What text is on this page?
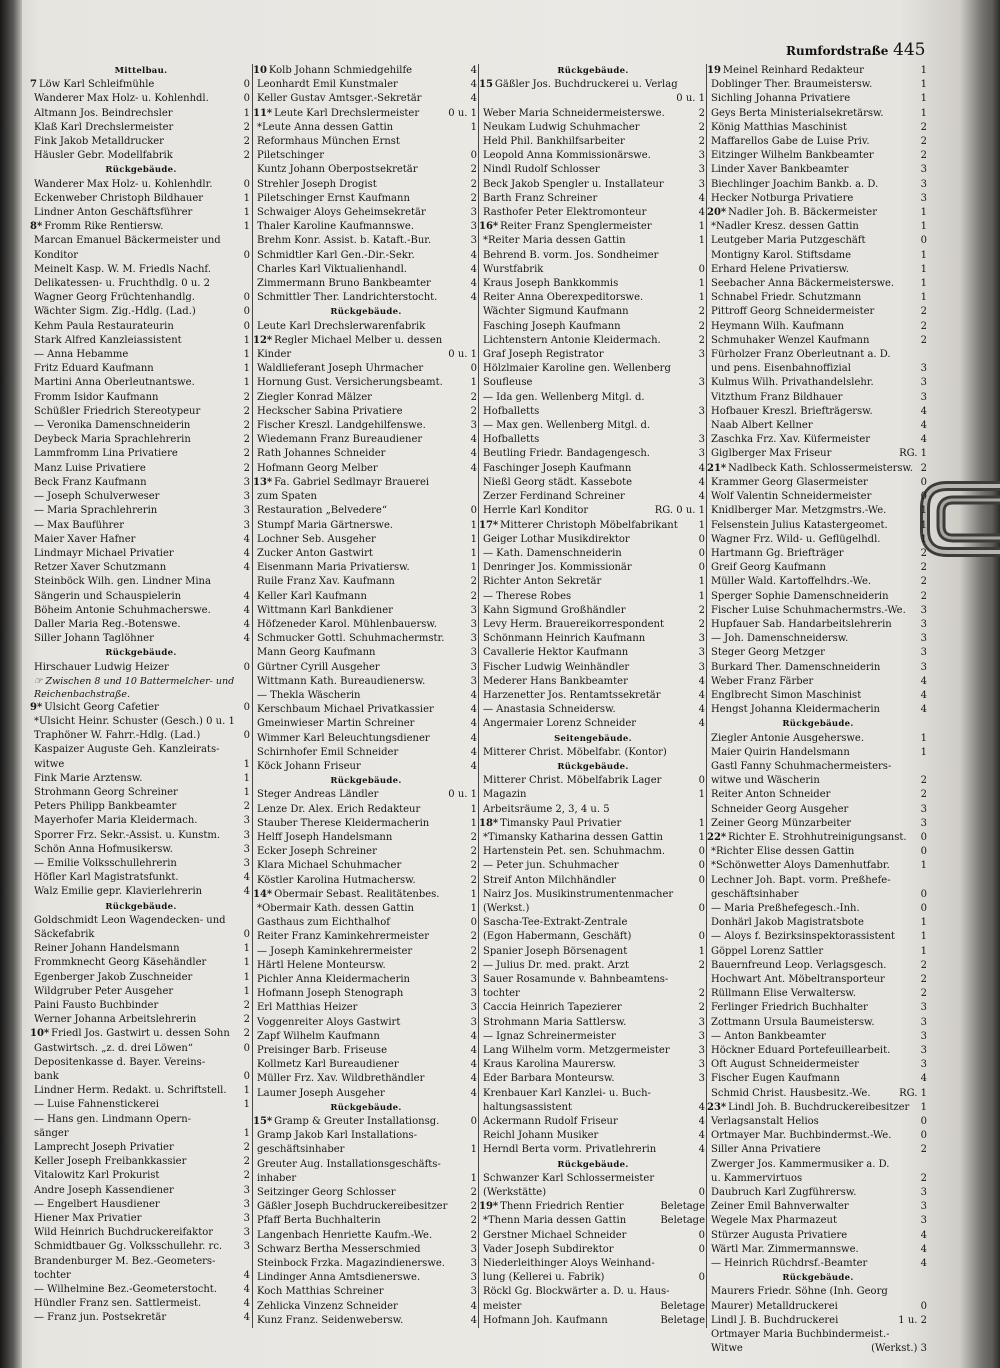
Rumfordstraße 445
Mittelbau.
7 Löw Karl Schleifmühle	0
Wanderer Max Holz- u. Kohlenhdl.	0
Altmann Jos. Beindrechsler	1
Klaß Karl Drechslermeister	2
Fink Jakob Metalldrucker	2
Häusler Gebr. Modellfabrik	2
Rückgebäude.
Wanderer Max Holz- u. Kohlenhdlr.	0
Eckenweber Christoph Bildhauer	1
Lindner Anton Geschäftsführer	1
8* Fromm Rike Rentiersw.	1
Marcan Emanuel Bäckermeister und
Konditor	0
Meinelt Kasp. W. M. Friedls Nachf.
Delikatessen- u. Fruchthdlg. 0 u. 2
Wagner Georg Früchtenhandlg.	0
Wächter Sigm. Zig.-Hdlg. (Lad.)	0
Kehm Paula Restaurateurin	0
Stark Alfred Kanzleiassistent	1
— Anna Hebamme	1
Fritz Eduard Kaufmann	1
Martini Anna Oberleutnantswe.	1
Fromm Isidor Kaufmann	2
Schüßler Friedrich Stereotypeur	2
— Veronika Damenschneiderin	2
Deybeck Maria Sprachlehrerin	2
Lammfromm Lina Privatiere	2
Manz Luise Privatiere	2
Beck Franz Kaufmann	3
— Joseph Schulverweser	3
— Maria Sprachlehrerin	3
— Max Bauführer	3
Maier Xaver Hafner	4
Lindmayr Michael Privatier	4
Retzer Xaver Schutzmann	4
Steinböck Wilh. gen. Lindner Mina
Sängerin und Schauspielerin	4
Böheim Antonie Schuhmacherswe.	4
Daller Maria Reg.-Botenswe.	4
Siller Johann Taglöhner	4
Rückgebäude.
Hirschauer Ludwig Heizer	0
☞ Zwischen 8 und 10 Battermelcher- und Reichenbachstraße.
9* Ulsicht Georg Cafetier	0
*Ulsicht Heinr. Schuster (Gesch.) 0 u. 1
Traphöner W. Fahrr.-Hdlg. (Lad.)	0
Kaspaizer Auguste Geh. Kanzleirats-
witwe	1
Fink Marie Arztensw.	1
Strohmann Georg Schreiner	1
Peters Philipp Bankbeamter	2
Mayerhofer Maria Kleidermach.	3
Sporrer Frz. Sekr.-Assist. u. Kunstm.	3
Schön Anna Hofmusikersw.	3
— Emilie Volksschullehrerin	3
Höfler Karl Magistratsfunkt.	4
Walz Emilie gepr. Klavierlehrerin	4
Rückgebäude.
Goldschmidt Leon Wagendecken- und
Säckefabrik	0
Reiner Johann Handelsmann	1
Frommknecht Georg Käsehändler	1
Egenberger Jakob Zuschneider	1
Wildgruber Peter Ausgeher	1
Paini Fausto Buchbinder	2
Werner Johanna Arbeitslehrerin	2
10* Friedl Jos. Gastwirt u. dessen Sohn	2
Gastwirtsch. „z. d. drei Löwen“	0
Depositenkasse d. Bayer. Vereins-
bank	0
Lindner Herm. Redakt. u. Schriftstell.	1
— Luise Fahnenstickerei	1
— Hans gen. Lindmann Opern-
sänger	1
Lamprecht Joseph Privatier	2
Keller Joseph Freibankkassier	2
Vitalowitz Karl Prokurist	2
Andre Joseph Kassendiener	3
— Engelbert Hausdiener	3
Hiener Max Privatier	3
Wild Heinrich Buchdruckereifaktor	3
Schmidtbauer Gg. Volksschullehr. rc.	3
Brandenburger M. Bez.-Geometers-
tochter	4
— Wilhelmine Bez.-Geometerstocht.	4
Hündler Franz sen. Sattlermeist.	4
— Franz jun. Postsekretär	4
10 Kolb Johann Schmiedgehilfe	4
Leonhardt Emil Kunstmaler	4
Keller Gustav Amtsger.-Sekretär	4
11* Leute Karl Drechslermeister	0 u. 1
*Leute Anna dessen Gattin	1
Reformhaus München Ernst
Piletschinger	0
Kuntz Johann Oberpostsekretär	2
Strehler Joseph Drogist	2
Piletschinger Ernst Kaufmann	2
Schwaiger Aloys Geheimsekretär	3
Thaler Karoline Kaufmannswe.	3
Brehm Konr. Assist. b. Kataft.-Bur.	3
Schmidtler Karl Gen.-Dir.-Sekr.	4
Charles Karl Viktualienhandl.	4
Zimmermann Bruno Bankbeamter	4
Schmittler Ther. Landrichterstocht.	4
Rückgebäude.
Leute Karl Drechslerwarenfabrik
12* Regler Michael Melber u. dessen
Kinder	0 u. 1
Waldlieferant Joseph Uhrmacher	0
Hornung Gust. Versicherungsbeamt.	1
Ziegler Konrad Mälzer	2
Heckscher Sabina Privatiere	2
Fischer Kreszl. Landgehilfenswe.	3
Wiedemann Franz Bureaudiener	4
Rath Johannes Schneider	4
Hofmann Georg Melber	4
13* Fa. Gabriel Sedlmayr Brauerei
zum Spaten
Restauration „Belvedere“	0
Stumpf Maria Gärtnerswe.	1
Lochner Seb. Ausgeher	1
Zucker Anton Gastwirt	1
Eisenmann Maria Privatiersw.	1
Ruile Franz Xav. Kaufmann	2
Keller Karl Kaufmann	2
Wittmann Karl Bankdiener	3
Höfzeneder Karol. Mühlenbauersw.	3
Schmucker Gottl. Schuhmachermstr.	3
Mann Georg Kaufmann	3
Gürtner Cyrill Ausgeher	3
Wittmann Kath. Bureaudienersw.	3
— Thekla Wäscherin	4
Kerschbaum Michael Privatkassier	4
Gmeinwieser Martin Schreiner	4
Wimmer Karl Beleuchtungsdiener	4
Schirnhofer Emil Schneider	4
Köck Johann Friseur	4
Rückgebäude.
Steger Andreas Ländler	0 u. 1
Lenze Dr. Alex. Erich Redakteur	1
Stauber Therese Kleidermacherin	1
Helff Joseph Handelsmann	2
Ecker Joseph Schreiner	2
Klara Michael Schuhmacher	2
Köstler Karolina Hutmachersw.	2
14* Obermair Sebast. Realitätenbes.	1
*Obermair Kath. dessen Gattin	1
Gasthaus zum Eichthalhof	0
Reiter Franz Kaminkehrermeister	2
— Joseph Kaminkehrermeister	2
Härtl Helene Monteursw.	2
Pichler Anna Kleidermacherin	3
Hofmann Joseph Stenograph	3
Erl Matthias Heizer	3
Voggenreiter Aloys Gastwirt	3
Zapf Wilhelm Kaufmann	4
Preisinger Barb. Friseuse	4
Kollmetz Karl Bureaudiener	4
Müller Frz. Xav. Wildbrethändler	4
Laumer Joseph Ausgeher	4
Rückgebäude.
15* Gramp & Greuter Installationsg.	0
Gramp Jakob Karl Installations-
geschäftsinhaber	1
Greuter Aug. Installationsgeschäfts-
inhaber	1
Seitzinger Georg Schlosser	2
Gäßler Joseph Buchdruckereibesitzer	2
Pfaff Berta Buchhalterin	2
Langenbach Henriette Kaufm.-We.	2
Schwarz Bertha Messerschmied	3
Steinbock Frzka. Magazindienerswe.	3
Lindinger Anna Amtsdienerswe.	3
Koch Matthias Schreiner	3
Zehlicka Vinzenz Schneider	4
Kunz Franz. Seidenwebersw.	4
Rückgebäude.
15 Gäßler Jos. Buchdruckerei u. Verlag
0 u. 1
Weber Maria Schneidermeisterswe.	2
Neukam Ludwig Schuhmacher	2
Held Phil. Bankhilfsarbeiter	2
Leopold Anna Kommissionärswe.	3
Nindl Rudolf Schlosser	3
Beck Jakob Spengler u. Installateur	3
Barth Franz Schreiner	4
Rasthofer Peter Elektromonteur	4
16* Reiter Franz Spenglermeister	1
*Reiter Maria dessen Gattin	1
Behrend B. vorm. Jos. Sondheimer
Wurstfabrik	0
Kraus Joseph Bankkommis	1
Reiter Anna Oberexpeditorswe.	1
Wächter Sigmund Kaufmann	2
Fasching Joseph Kaufmann	2
Lichtenstern Antonie Kleidermach.	2
Graf Joseph Registrator	3
Hölzlmaier Karoline gen. Wellenberg
Soufleuse	3
— Ida gen. Wellenberg Mitgl. d.
Hofballetts	3
— Max gen. Wellenberg Mitgl. d.
Hofballetts	3
Beutling Friedr. Bandagengesch.	3
Faschinger Joseph Kaufmann	4
Nießl Georg städt. Kassebote	4
Zerzer Ferdinand Schreiner	4
Herrle Karl Konditor	RG. 0 u. 1
17* Mitterer Christoph Möbelfabrikant	1
Geiger Lothar Musikdirektor	0
— Kath. Damenschneiderin	0
Denringer Jos. Kommissionär	0
Richter Anton Sekretär	1
— Therese Robes	1
Kahn Sigmund Großhändler	2
Levy Herm. Brauereikorrespondent	2
Schönmann Heinrich Kaufmann	3
Cavallerie Hektor Kaufmann	3
Fischer Ludwig Weinhändler	3
Mederer Hans Bankbeamter	4
Harzenetter Jos. Rentamtssekretär	4
— Anastasia Schneidersw.	4
Angermaier Lorenz Schneider	4
Seitengebäude.
Mitterer Christ. Möbelfabr. (Kontor)
Rückgebäude.
Mitterer Christ. Möbelfabrik Lager	0
Magazin	1
Arbeitsräume 2, 3, 4 u. 5
18* Timansky Paul Privatier	1
*Timansky Katharina dessen Gattin	1
Hartenstein Pet. sen. Schuhmachm.	0
— Peter jun. Schuhmacher	0
Streif Anton Milchhändler	0
Nairz Jos. Musikinstrumentenmacher
(Werkst.)	0
Sascha-Tee-Extrakt-Zentrale
(Egon Habermann, Geschäft)	0
Spanier Joseph Börsenagent	1
— Julius Dr. med. prakt. Arzt	2
Sauer Rosamunde v. Bahnbeamtens-
tochter	2
Caccia Heinrich Tapezierer	2
Strohmann Maria Sattlersw.	3
— Ignaz Schreinermeister	3
Lang Wilhelm vorm. Metzgermeister	3
Kraus Karolina Maurersw.	3
Eder Barbara Monteursw.	3
Krenbauer Karl Kanzlei- u. Buch-
haltungsassistent	4
Ackermann Rudolf Friseur	4
Reichl Johann Musiker	4
Herndl Berta vorm. Privatlehrerin	4
Rückgebäude.
Schwanzer Karl Schlossermeister
(Werkstätte)	0
19* Thenn Friedrich Rentier	Beletage
*Thenn Maria dessen Gattin	Beletage
Gerstner Michael Schneider	0
Vader Joseph Subdirektor	0
Niederleithinger Aloys Weinhand-
lung (Kellerei u. Fabrik)	0
Röckl Gg. Blockwärter a. D. u. Haus-
meister	Beletage
Hofmann Joh. Kaufmann	Beletage
19 Meinel Reinhard Redakteur	1
Doblinger Ther. Braumeistersw.	1
Sichling Johanna Privatiere	1
Geys Berta Ministerialsekretärsw.	1
König Matthias Maschinist	2
Maffarellos Gabe de Luise Priv.	2
Eitzinger Wilhelm Bankbeamter	2
Linder Xaver Bankbeamter	3
Biechlinger Joachim Bankb. a. D.	3
Hecker Notburga Privatiere	3
20* Nadler Joh. B. Bäckermeister	1
*Nadler Kresz. dessen Gattin	1
Leutgeber Maria Putzgeschäft	0
Montigny Karol. Stiftsdame	1
Erhard Helene Privatiersw.	1
Seebacher Anna Bäckermeisterswe.	1
Schnabel Friedr. Schutzmann	1
Pittroff Georg Schneidermeister	2
Heymann Wilh. Kaufmann	2
Schmuhaker Wenzel Kaufmann	2
Fürholzer Franz Oberleutnant a. D.
und pens. Eisenbahnoffizial	3
Kulmus Wilh. Privathandelslehr.	3
Vitzthum Franz Bildhauer	3
Hofbauer Kreszl. Briefträgersw.	4
Naab Albert Kellner	4
Zaschka Frz. Xav. Küfermeister	4
Giglberger Max Friseur	RG. 1
21* Nadlbeck Kath. Schlossermeistersw. 2
Krammer Georg Glasermeister	0
Wolf Valentin Schneidermeister	0
Knidlberger Mar. Metzgmstrs.-We.	1
Felsenstein Julius Katastergeomet.	1
Wagner Frz. Wild- u. Geflügelhdl.	1
Hartmann Gg. Briefträger	2
Greif Georg Kaufmann	2
Müller Wald. Kartoffelhdrs.-We.	2
Sperger Sophie Damenschneiderin	2
Fischer Luise Schuhmachermstrs.-We.	3
Hupfauer Sab. Handarbeitslehrerin	3
— Joh. Damenschneidersw.	3
Steger Georg Metzger	3
Burkard Ther. Damenschneiderin	3
Weber Franz Färber	4
Englbrecht Simon Maschinist	4
Hengst Johanna Kleidermacherin	4
Rückgebäude.
Ziegler Antonie Ausgeherswe.	1
Maier Quirin Handelsmann	1
Gastl Fanny Schuhmachermeisters-
witwe und Wäscherin	2
Reiter Anton Schneider	2
Schneider Georg Ausgeher	3
Zeiner Georg Münzarbeiter	3
22* Richter E. Strohhutreinigungsanst.	0
*Richter Elise dessen Gattin	0
*Schönwetter Aloys Damenhutfabr.	1
Lechner Joh. Bapt. vorm. Preßhefe-
geschäftsinhaber	0
— Maria Preßhefegesch.-Inh.	0
Donhärl Jakob Magistratsbote	1
— Aloys f. Bezirksinspektorassistent	1
Göppel Lorenz Sattler	1
Bauernfreund Leop. Verlagsgesch.	2
Hochwart Ant. Möbeltransporteur	2
Rüllmann Elise Verwaltersw.	2
Ferlinger Friedrich Buchhalter	3
Zottmann Ursula Baumeistersw.	3
— Anton Bankbeamter	3
Höckner Eduard Portefeuillearbeit.	3
Oft August Schneidermeister	3
Fischer Eugen Kaufmann	4
Schmid Christ. Hausbesitz.-We.	RG. 1
23* Lindl Joh. B. Buchdruckereibesitzer	1
Verlagsanstalt Helios	0
Ortmayer Mar. Buchbindermst.-We.	0
Siller Anna Privatiere	2
Zwerger Jos. Kammermusiker a. D.
u. Kammervirtuos	2
Daubruch Karl Zugführersw.	3
Zeiner Emil Bahnverwalter	3
Wegele Max Pharmazeut	3
Stürzer Augusta Privatiere	4
Wärtl Mar. Zimmermannswe.	4
— Heinrich Rüchdrsf.-Beamter	4
Rückgebäude.
Maurers Friedr. Söhne (Inh. Georg
Maurer) Metalldruckerei	0
Lindl J. B. Buchdruckerei	1 u. 2
Ortmayer Maria Buchbindermeist.-
Witwe	(Werkst.) 3
